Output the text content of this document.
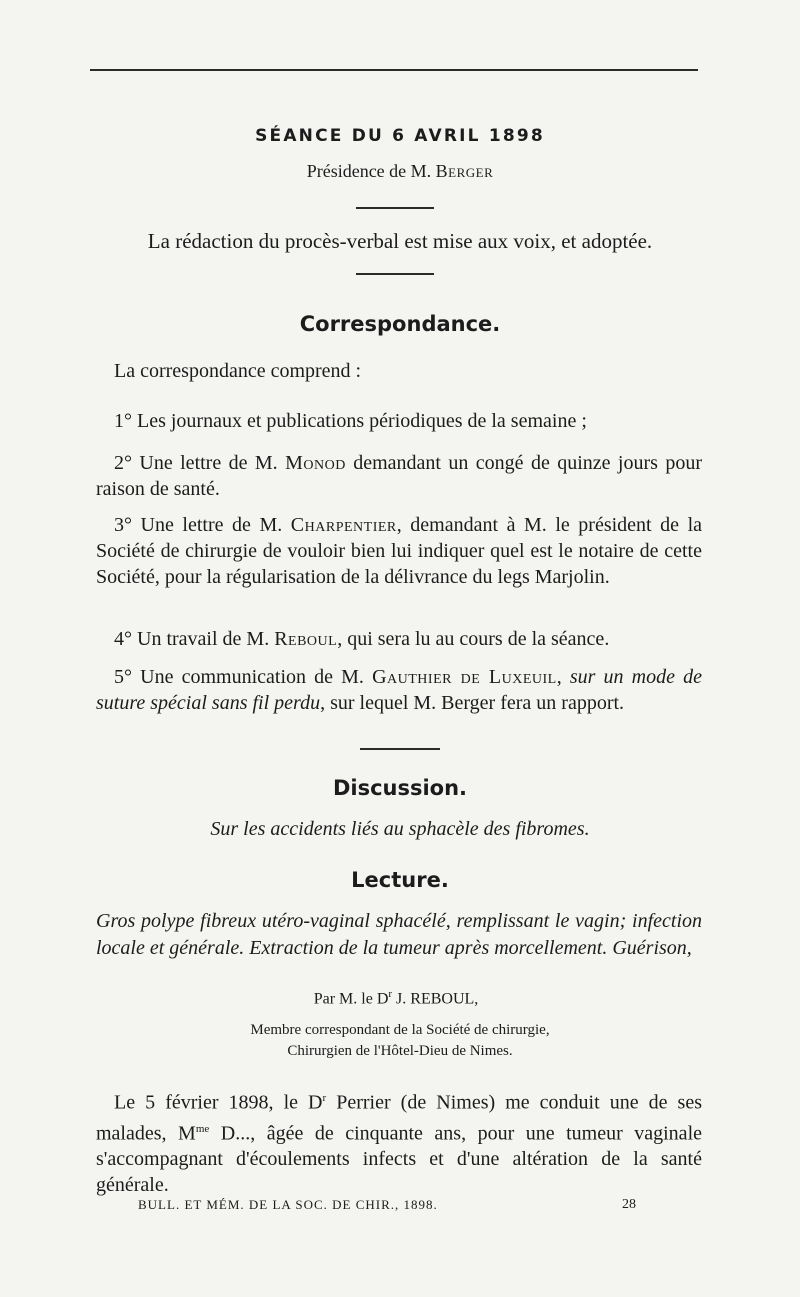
SÉANCE DU 6 AVRIL 1898
Présidence de M. Berger

La rédaction du procès-verbal est mise aux voix, et adoptée.

Correspondance.

La correspondance comprend :

1° Les journaux et publications périodiques de la semaine ;

2° Une lettre de M. Monod demandant un congé de quinze jours pour raison de santé.

3° Une lettre de M. Charpentier, demandant à M. le président de la Société de chirurgie de vouloir bien lui indiquer quel est le notaire de cette Société, pour la régularisation de la délivrance du legs Marjolin.

4° Un travail de M. Reboul, qui sera lu au cours de la séance.

5° Une communication de M. Gauthier de Luxeuil, sur un mode de suture spécial sans fil perdu, sur lequel M. Berger fera un rapport.

Discussion.

Sur les accidents liés au sphacèle des fibromes.

Lecture.

Gros polype fibreux utéro-vaginal sphacélé, remplissant le vagin; infection locale et générale. Extraction de la tumeur après morcellement. Guérison,

Par M. le $D^r$ J. REBOUL,

Membre correspondant de la Société de chirurgie,

Chirurgien de l'Hôtel-Dieu de Nimes.

Le 5 février 1898, le $D^r$ Perrier (de Nimes) me conduit une de ses malades, $M^{me}$ D..., âgée de cinquante ans, pour une tumeur vaginale s'accompagnant d'écoulements infects et d'une altération de la santé générale.

BULL. ET MÉM. DE LA SOC. DE CHIR., 1898.	28
